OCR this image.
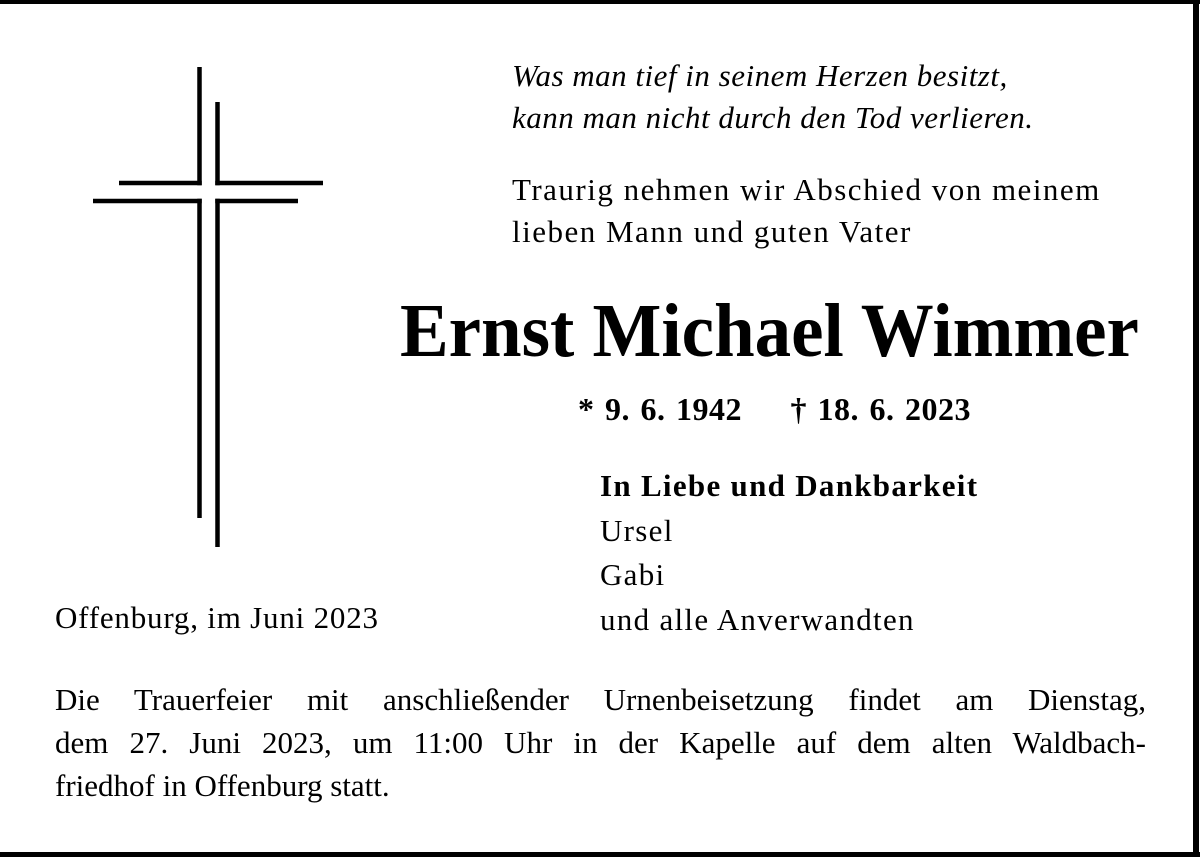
Was man tief in seinem Herzen besitzt,
kann man nicht durch den Tod verlieren.
Traurig nehmen wir Abschied von meinem
lieben Mann und guten Vater
Ernst Michael Wimmer
* 9. 6. 1942 † 18. 6. 2023
In Liebe und Dankbarkeit
Ursel
Gabi
und alle Anverwandten
Offenburg, im Juni 2023
Die Trauerfeier mit anschließender Urnenbeisetzung findet am Dienstag,
dem 27. Juni 2023, um 11:00 Uhr in der Kapelle auf dem alten Waldbach-
friedhof in Offenburg statt.
